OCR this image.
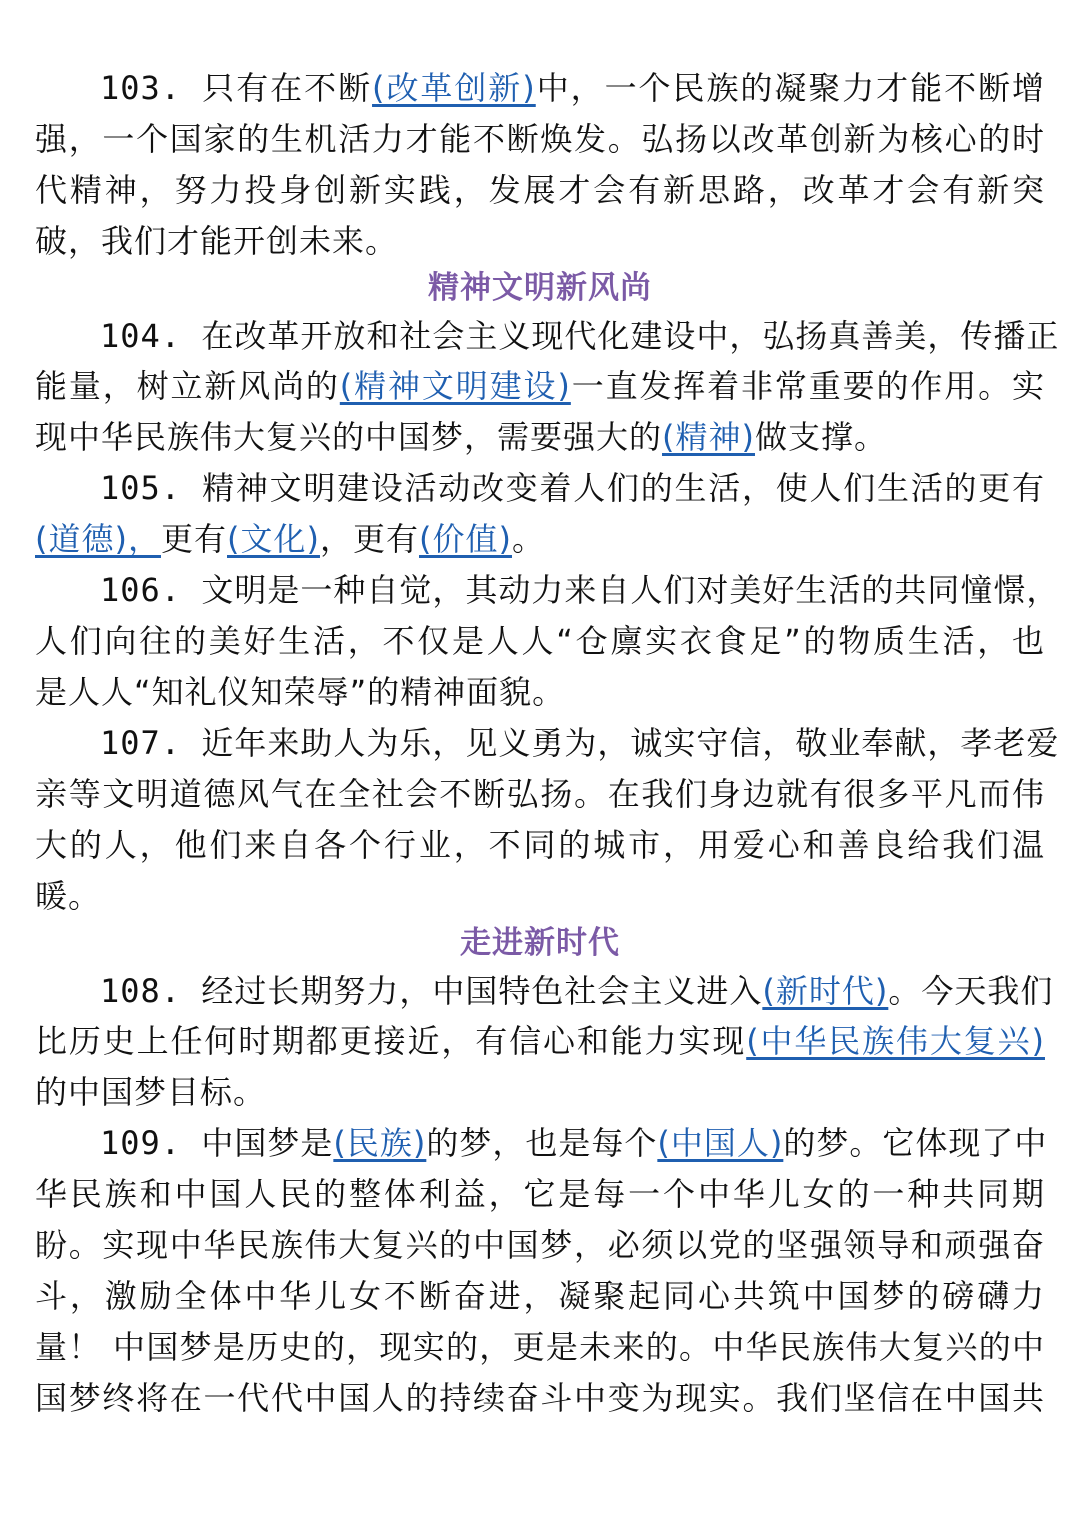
103. 只有在不断(改革创新)中，一个民族的凝聚力才能不断增
强，一个国家的生机活力才能不断焕发。弘扬以改革创新为核心的时
代精神，努力投身创新实践，发展才会有新思路，改革才会有新突
破，我们才能开创未来。
精神文明新风尚
104. 在改革开放和社会主义现代化建设中，弘扬真善美，传播正
能量，树立新风尚的(精神文明建设)一直发挥着非常重要的作用。实
现中华民族伟大复兴的中国梦，需要强大的(精神)做支撑。
105. 精神文明建设活动改变着人们的生活，使人们生活的更有
(道德)，更有(文化)，更有(价值)。
106. 文明是一种自觉，其动力来自人们对美好生活的共同憧憬，
人们向往的美好生活，不仅是人人“仓廪实衣食足”的物质生活，也
是人人“知礼仪知荣辱”的精神面貌。
107. 近年来助人为乐，见义勇为，诚实守信，敬业奉献，孝老爱
亲等文明道德风气在全社会不断弘扬。在我们身边就有很多平凡而伟
大的人，他们来自各个行业，不同的城市，用爱心和善良给我们温
暖。
走进新时代
108. 经过长期努力，中国特色社会主义进入(新时代)。今天我们
比历史上任何时期都更接近，有信心和能力实现(中华民族伟大复兴)
的中国梦目标。
109. 中国梦是(民族)的梦，也是每个(中国人)的梦。它体现了中
华民族和中国人民的整体利益，它是每一个中华儿女的一种共同期
盼。实现中华民族伟大复兴的中国梦，必须以党的坚强领导和顽强奋
斗，激励全体中华儿女不断奋进，凝聚起同心共筑中国梦的磅礴力
量！ 中国梦是历史的，现实的，更是未来的。中华民族伟大复兴的中
国梦终将在一代代中国人的持续奋斗中变为现实。我们坚信在中国共
